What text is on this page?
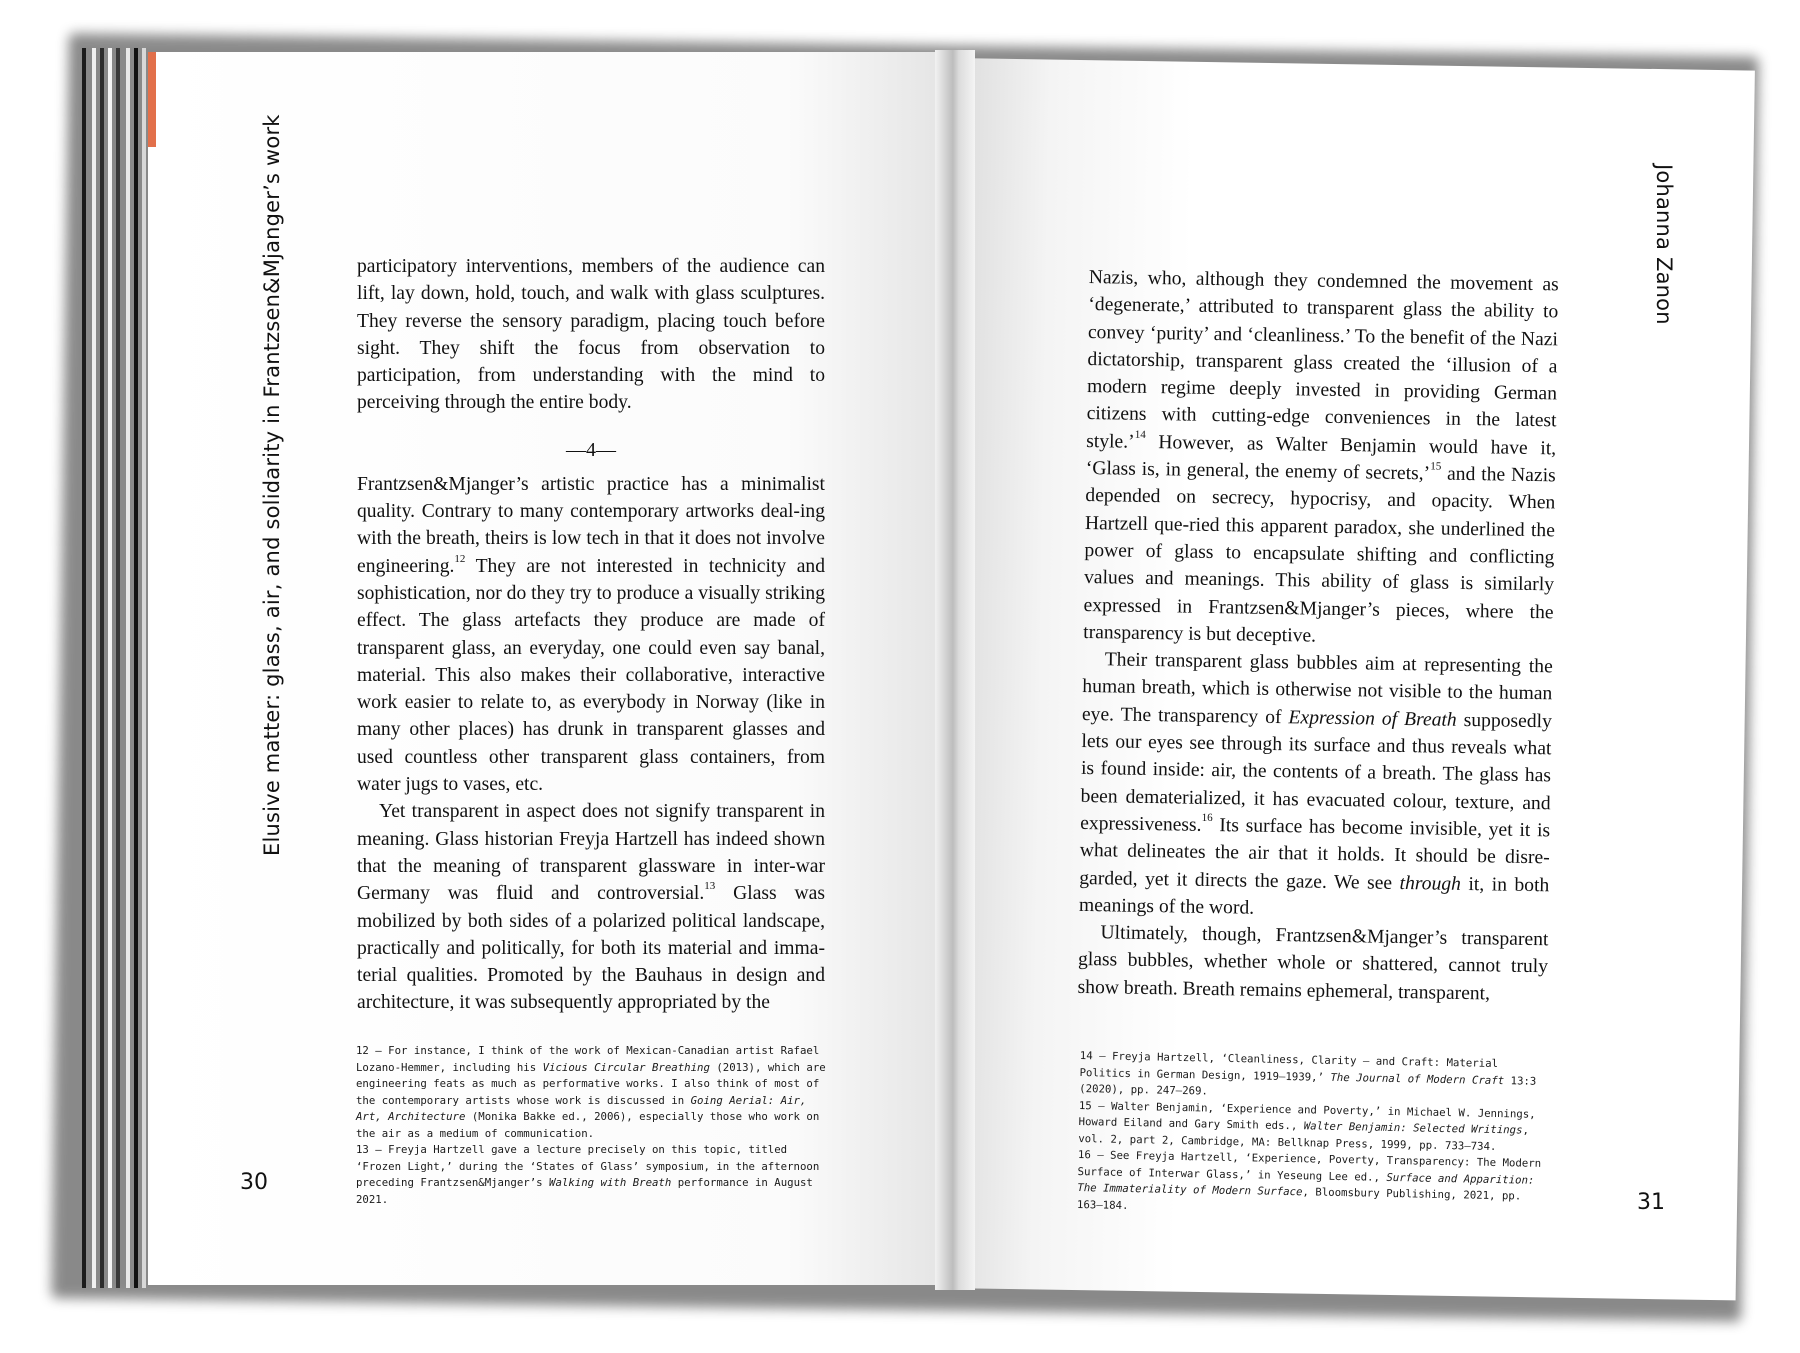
Elusive matter: glass, air, and solidarity in Frantzsen&Mjanger’s work
30

participatory interventions, members of the audience can lift, lay down, hold, touch, and walk with glass sculptures. They reverse the sensory paradigm, placing touch before sight. They shift the focus from observation to participation, from understanding with the mind to perceiving through the entire body.

—4—

Frantzsen&Mjanger’s artistic practice has a minimalist quality. Contrary to many contemporary artworks deal-ing with the breath, theirs is low tech in that it does not involve engineering.$^{12}$ They are not interested in technicity and sophistication, nor do they try to produce a visually striking effect. The glass artefacts they produce are made of transparent glass, an everyday, one could even say banal, material. This also makes their collaborative, interactive work easier to relate to, as everybody in Norway (like in many other places) has drunk in transparent glasses and used countless other transparent glass containers, from water jugs to vases, etc.

Yet transparent in aspect does not signify transparent in meaning. Glass historian Freyja Hartzell has indeed shown that the meaning of transparent glassware in inter-war Germany was fluid and controversial.$^{13}$ Glass was mobilized by both sides of a polarized political landscape, practically and politically, for both its material and imma-terial qualities. Promoted by the Bauhaus in design and architecture, it was subsequently appropriated by the

12 — For instance, I think of the work of Mexican-Canadian artist Rafael Lozano-Hemmer, including his Vicious Circular Breathing (2013), which are engineering feats as much as performative works. I also think of most of the contemporary artists whose work is discussed in Going Aerial: Air, Art, Architecture (Monika Bakke ed., 2006), especially those who work on the air as a medium of communication.

13 — Freyja Hartzell gave a lecture precisely on this topic, titled ‘Frozen Light,’ during the ‘States of Glass’ symposium, in the afternoon preceding Frantzsen&Mjanger’s Walking with Breath performance in August 2021.

Johanna Zanon
31

Nazis, who, although they condemned the movement as ‘degenerate,’ attributed to transparent glass the ability to convey ‘purity’ and ‘cleanliness.’ To the benefit of the Nazi dictatorship, transparent glass created the ‘illusion of a modern regime deeply invested in providing German citizens with cutting-edge conveniences in the latest style.’$^{14}$ However, as Walter Benjamin would have it, ‘Glass is, in general, the enemy of secrets,’$^{15}$ and the Nazis depended on secrecy, hypocrisy, and opacity. When Hartzell que-ried this apparent paradox, she underlined the power of glass to encapsulate shifting and conflicting values and meanings. This ability of glass is similarly expressed in Frantzsen&Mjanger’s pieces, where the transparency is but deceptive.

Their transparent glass bubbles aim at representing the human breath, which is otherwise not visible to the human eye. The transparency of Expression of Breath supposedly lets our eyes see through its surface and thus reveals what is found inside: air, the contents of a breath. The glass has been dematerialized, it has evacuated colour, texture, and expressiveness.$^{16}$ Its surface has become invisible, yet it is what delineates the air that it holds. It should be disre-garded, yet it directs the gaze. We see through it, in both meanings of the word.

Ultimately, though, Frantzsen&Mjanger’s transparent glass bubbles, whether whole or shattered, cannot truly show breath. Breath remains ephemeral, transparent,

14 — Freyja Hartzell, ‘Cleanliness, Clarity – and Craft: Material Politics in German Design, 1919–1939,’ The Journal of Modern Craft 13:3 (2020), pp. 247–269.

15 — Walter Benjamin, ‘Experience and Poverty,’ in Michael W. Jennings, Howard Eiland and Gary Smith eds., Walter Benjamin: Selected Writings, vol. 2, part 2, Cambridge, MA: Bellknap Press, 1999, pp. 733–734.

16 — See Freyja Hartzell, ‘Experience, Poverty, Transparency: The Modern Surface of Interwar Glass,’ in Yeseung Lee ed., Surface and Apparition: The Immateriality of Modern Surface, Bloomsbury Publishing, 2021, pp. 163–184.
